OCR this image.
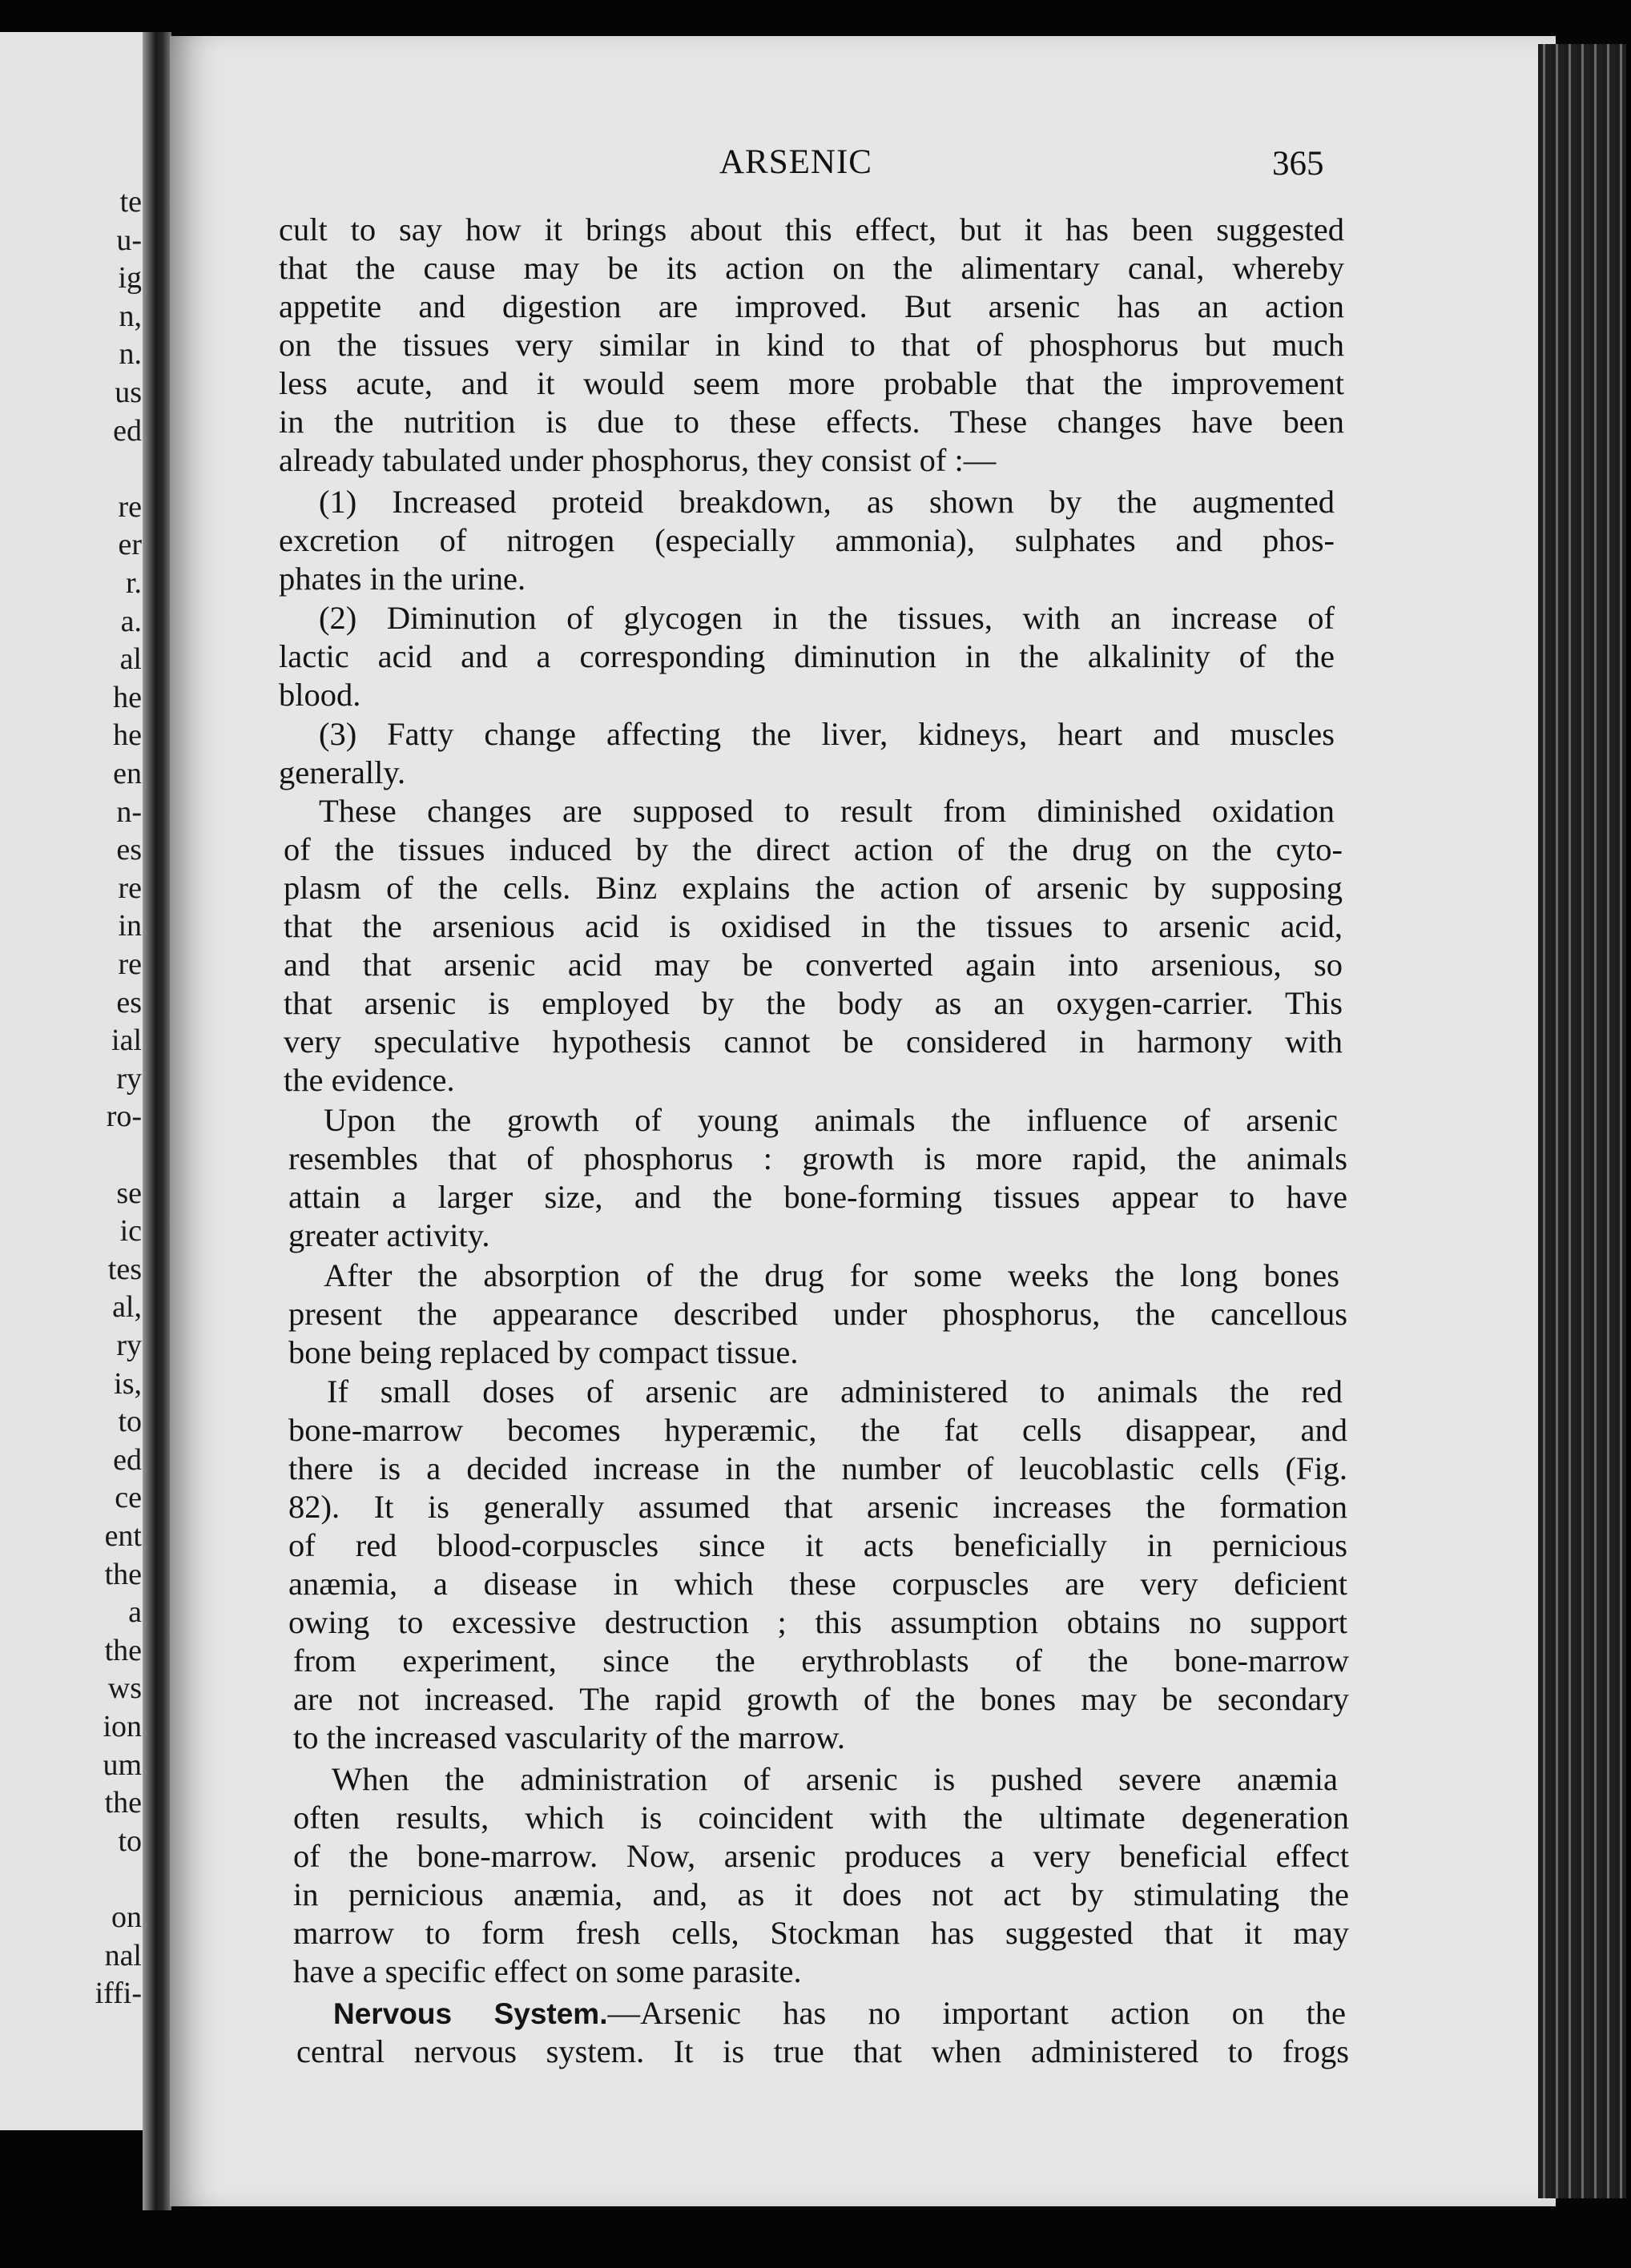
te

u-

ig

n,

n.

us

ed

re

er

r.

a.

al

he

he

en

n-

es

re

in

re

es

ial

ry

ro-

se

ic

tes

al,

ry

is,

to

ed

ce

ent

the

a

the

ws

ion

um

the

to

on

nal

iffi-

ARSENIC	365

cult to say how it brings about this effect, but it has been suggested

that the cause may be its action on the alimentary canal, whereby

appetite and digestion are improved. But arsenic has an action

on the tissues very similar in kind to that of phosphorus but much

less acute, and it would seem more probable that the improvement

in the nutrition is due to these effects. These changes have been

already tabulated under phosphorus, they consist of :—

(1) Increased proteid breakdown, as shown by the augmented

excretion of nitrogen (especially ammonia), sulphates and phos-

phates in the urine.

(2) Diminution of glycogen in the tissues, with an increase of

lactic acid and a corresponding diminution in the alkalinity of the

blood.

(3) Fatty change affecting the liver, kidneys, heart and muscles

generally.

These changes are supposed to result from diminished oxidation

of the tissues induced by the direct action of the drug on the cyto-

plasm of the cells. Binz explains the action of arsenic by supposing

that the arsenious acid is oxidised in the tissues to arsenic acid,

and that arsenic acid may be converted again into arsenious, so

that arsenic is employed by the body as an oxygen-carrier. This

very speculative hypothesis cannot be considered in harmony with

the evidence.

Upon the growth of young animals the influence of arsenic

resembles that of phosphorus : growth is more rapid, the animals

attain a larger size, and the bone-forming tissues appear to have

greater activity.

After the absorption of the drug for some weeks the long bones

present the appearance described under phosphorus, the cancellous

bone being replaced by compact tissue.

If small doses of arsenic are administered to animals the red

bone-marrow becomes hyperæmic, the fat cells disappear, and

there is a decided increase in the number of leucoblastic cells (Fig.

82). It is generally assumed that arsenic increases the formation

of red blood-corpuscles since it acts beneficially in pernicious

anæmia, a disease in which these corpuscles are very deficient

owing to excessive destruction ; this assumption obtains no support

from experiment, since the erythroblasts of the bone-marrow

are not increased. The rapid growth of the bones may be secondary

to the increased vascularity of the marrow.

When the administration of arsenic is pushed severe anæmia

often results, which is coincident with the ultimate degeneration

of the bone-marrow. Now, arsenic produces a very beneficial effect

in pernicious anæmia, and, as it does not act by stimulating the

marrow to form fresh cells, Stockman has suggested that it may

have a specific effect on some parasite.

Nervous System.—Arsenic has no important action on the

central nervous system. It is true that when administered to frogs
